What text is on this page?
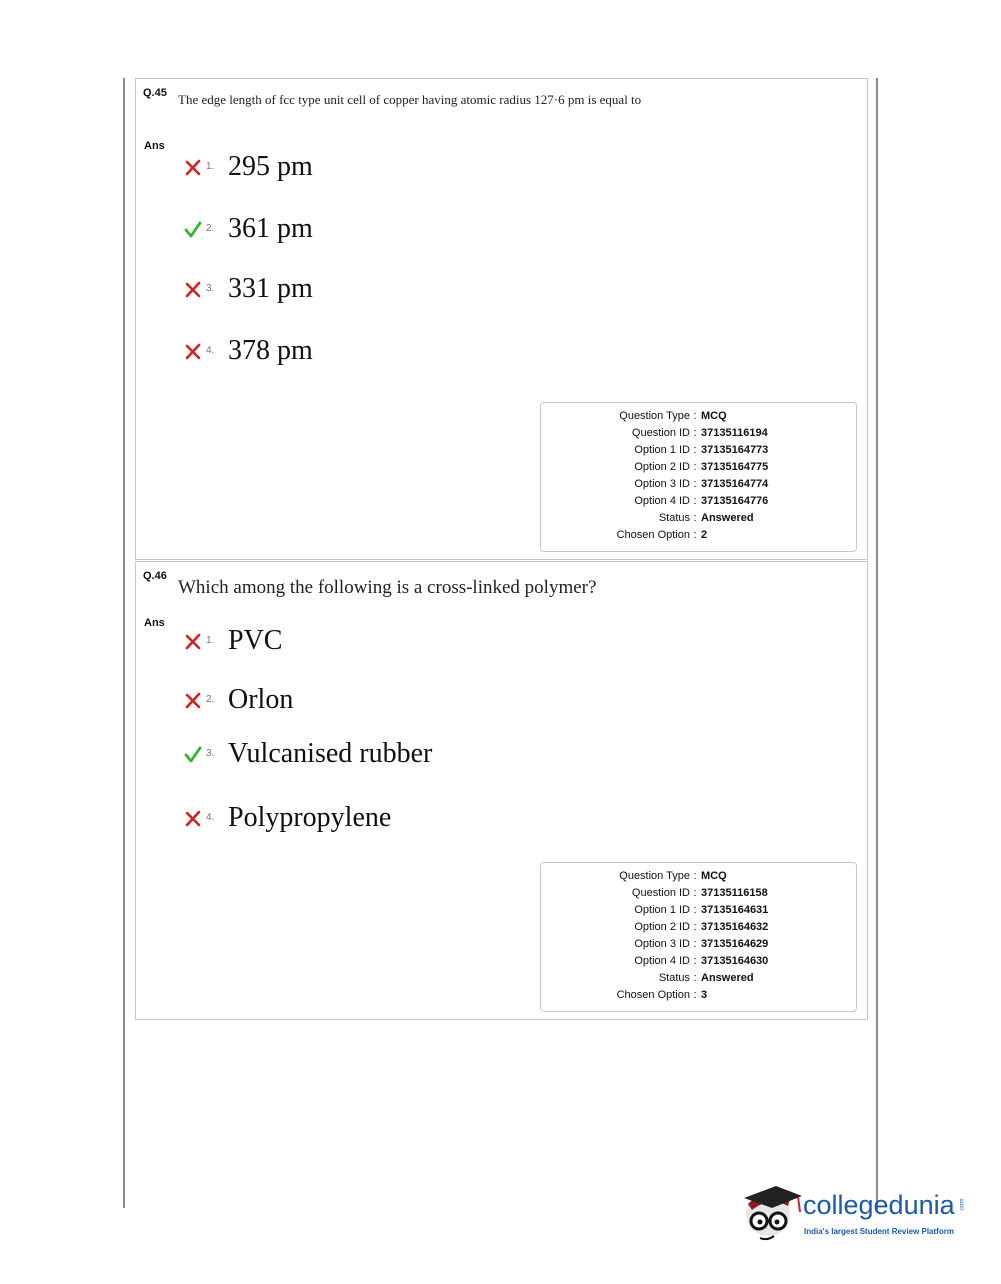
Q.45 The edge length of fcc type unit cell of copper having atomic radius 127·6 pm is equal to
Ans
1. 295 pm
2. 361 pm
3. 331 pm
4. 378 pm
Question Type : MCQ
Question ID : 37135116194
Option 1 ID : 37135164773
Option 2 ID : 37135164775
Option 3 ID : 37135164774
Option 4 ID : 37135164776
Status : Answered
Chosen Option : 2
Q.46
Which among the following is a cross-linked polymer?
Ans
1. PVC
2. Orlon
3. Vulcanised rubber
4. Polypropylene
Question Type : MCQ
Question ID : 37135116158
Option 1 ID : 37135164631
Option 2 ID : 37135164632
Option 3 ID : 37135164629
Option 4 ID : 37135164630
Status : Answered
Chosen Option : 3
collegedunia .com
India's largest Student Review Platform
